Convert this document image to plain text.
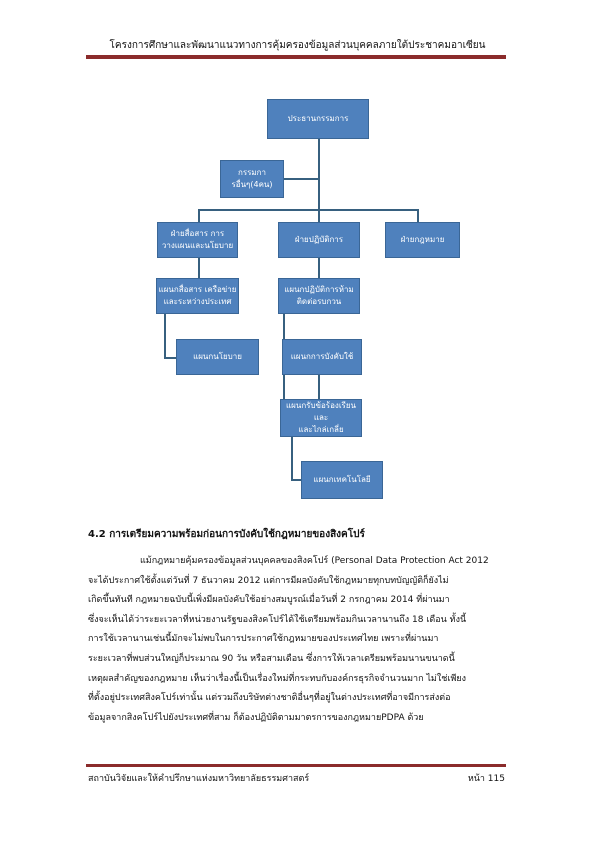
โครงการศึกษาและพัฒนาแนวทางการคุ้มครองข้อมูลส่วนบุคคลภายใต้ประชาคมอาเซียน
ประธานกรรมการ
กรรมการอื่นๆ(4คน)
ฝ่ายสื่อสาร การ
วางแผนและนโยบาย
ฝ่ายปฏิบัติการ	ฝ่ายกฎหมาย
แผนกสื่อสาร เครือข่าย
และระหว่างประเทศ
แผนกนโยบาย
แผนกปฏิบัติการห้าม
ติดต่อรบกวน
แผนกการบังคับใช้
แผนกรับข้อร้องเรียนและ
และไกล่เกลี่ย
แผนกเทคโนโลยี
4.2 การเตรียมความพร้อมก่อนการบังคับใช้กฎหมายของสิงคโปร์
แม้กฎหมายคุ้มครองข้อมูลส่วนบุคคลของสิงคโปร์ (Personal Data Protection Act 2012
จะได้ประกาศใช้ตั้งแต่วันที่ 7 ธันวาคม 2012 แต่การมีผลบังคับใช้กฎหมายทุกบทบัญญัติก็ยังไม่
เกิดขึ้นทันที กฎหมายฉบับนี้เพิ่งมีผลบังคับใช้อย่างสมบูรณ์เมื่อวันที่ 2 กรกฎาคม 2014 ที่ผ่านมา
ซึ่งจะเห็นได้ว่าระยะเวลาที่หน่วยงานรัฐของสิงคโปร์ได้ใช้เตรียมพร้อมกินเวลานานถึง 18 เดือน ทั้งนี้
การใช้เวลานานเช่นนี้มักจะไม่พบในการประกาศใช้กฎหมายของประเทศไทย เพราะที่ผ่านมา
ระยะเวลาที่พบส่วนใหญ่ก็ประมาณ 90 วัน หรือสามเดือน ซึ่งการให้เวลาเตรียมพร้อมนานขนาดนี้
เหตุผลสำคัญของกฎหมาย เห็นว่าเรื่องนี้เป็นเรื่องใหม่ที่กระทบกับองค์กรธุรกิจจำนวนมาก ไม่ใช่เพียง
ที่ตั้งอยู่ประเทศสิงคโปร์เท่านั้น แต่รวมถึงบริษัทต่างชาติอื่นๆที่อยู่ในต่างประเทศที่อาจมีการส่งต่อ
ข้อมูลจากสิงคโปร์ไปยังประเทศที่สาม ก็ต้องปฏิบัติตามมาตรการของกฎหมายPDPA ด้วย
สถาบันวิจัยและให้คำปรึกษาแห่งมหาวิทยาลัยธรรมศาสตร์	หน้า 115
